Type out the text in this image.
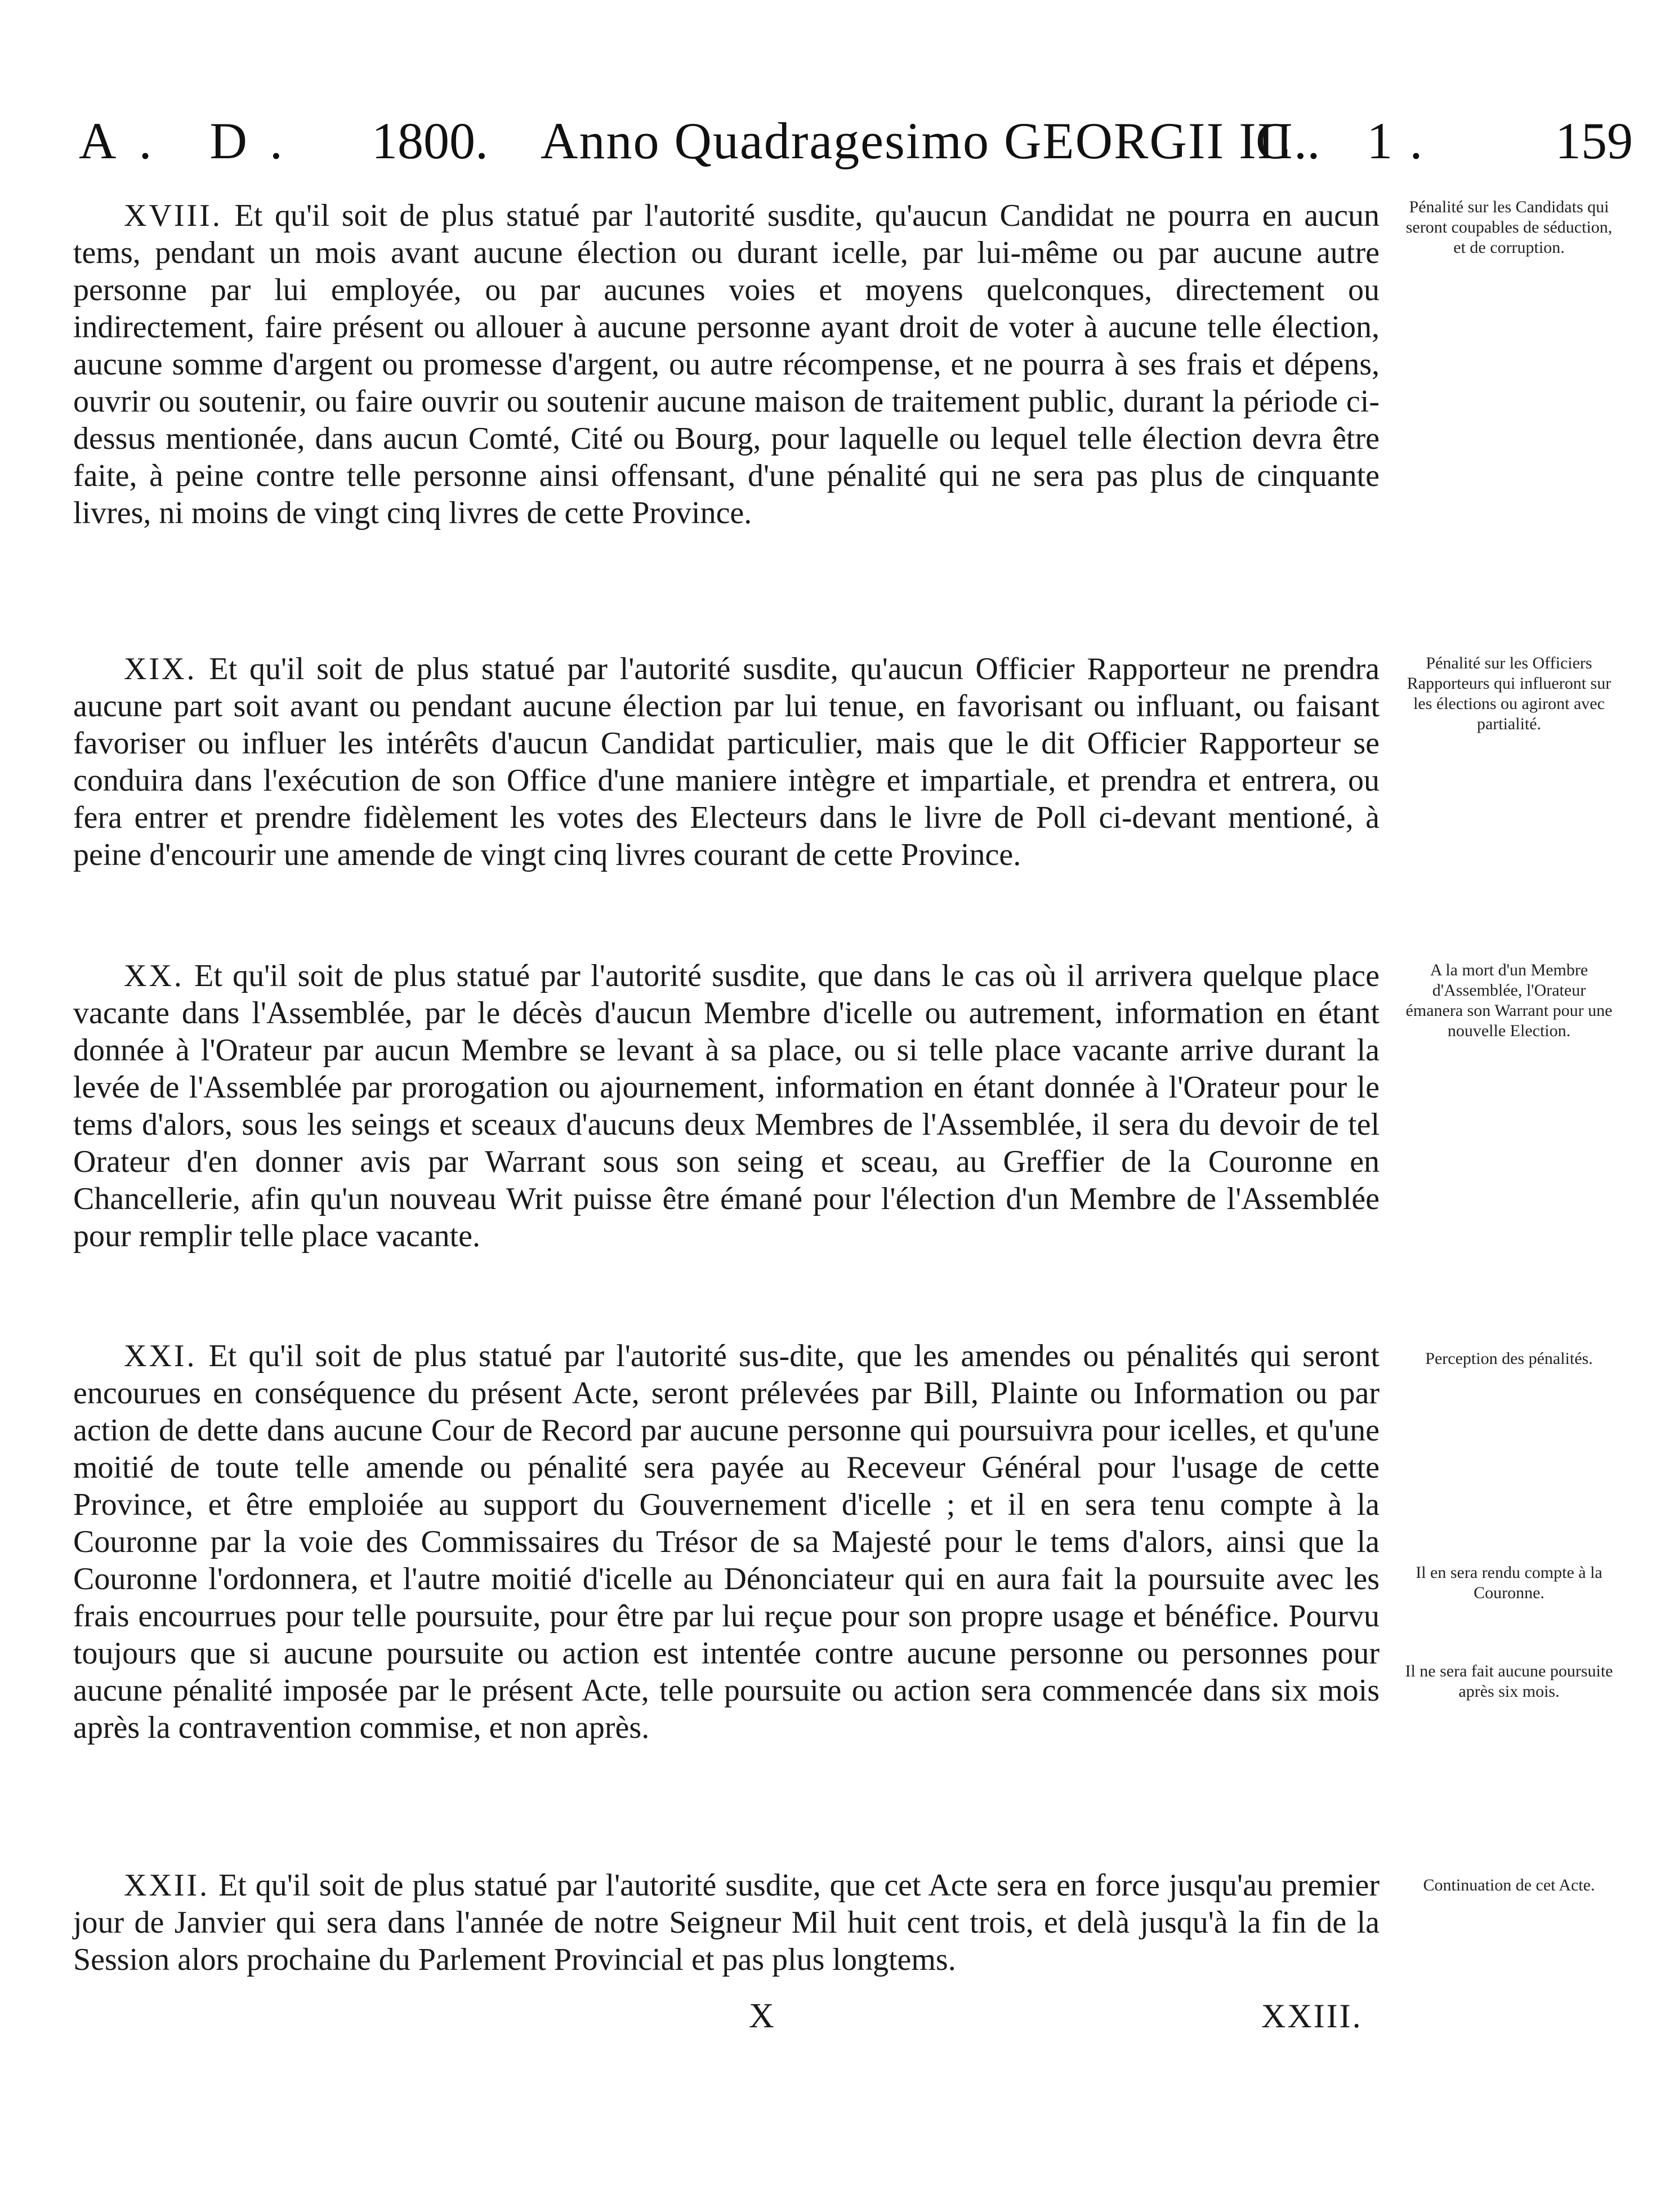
A. D. 1800. Anno Quadragesimo GEORGII III.
C. 1. 159
XVIII. Et qu'il soit de plus statué par l'autorité susdite, qu'aucun Candidat ne pourra en aucun tems, pendant un mois avant aucune élection ou durant icelle, par lui-même ou par aucune autre personne par lui employée, ou par aucunes voies et moyens quelconques, directement ou indirectement, faire présent ou allouer à aucune personne ayant droit de voter à aucune telle élection, aucune somme d'argent ou promesse d'argent, ou autre récompense, et ne pourra à ses frais et dépens, ouvrir ou soutenir, ou faire ouvrir ou soutenir aucune maison de traitement public, durant la période ci-dessus mentionée, dans aucun Comté, Cité ou Bourg, pour laquelle ou lequel telle élection devra être faite, à peine contre telle personne ainsi offensant, d'une pénalité qui ne sera pas plus de cinquante livres, ni moins de vingt cinq livres de cette Province.
Pénalité sur les Candidats qui seront coupables de séduction, et de corruption.
XIX. Et qu'il soit de plus statué par l'autorité susdite, qu'aucun Officier Rapporteur ne prendra aucune part soit avant ou pendant aucune élection par lui tenue, en favorisant ou influant, ou faisant favoriser ou influer les intérêts d'aucun Candidat particulier, mais que le dit Officier Rapporteur se conduira dans l'exécution de son Office d'une maniere intègre et impartiale, et prendra et entrera, ou fera entrer et prendre fidèlement les votes des Electeurs dans le livre de Poll ci-devant mentioné, à peine d'encourir une amende de vingt cinq livres courant de cette Province.
Pénalité sur les Officiers Rapporteurs qui influeront sur les élections ou agiront avec partialité.
XX. Et qu'il soit de plus statué par l'autorité susdite, que dans le cas où il arrivera quelque place vacante dans l'Assemblée, par le décès d'aucun Membre d'icelle ou autrement, information en étant donnée à l'Orateur par aucun Membre se levant à sa place, ou si telle place vacante arrive durant la levée de l'Assemblée par prorogation ou ajournement, information en étant donnée à l'Orateur pour le tems d'alors, sous les seings et sceaux d'aucuns deux Membres de l'Assemblée, il sera du devoir de tel Orateur d'en donner avis par Warrant sous son seing et sceau, au Greffier de la Couronne en Chancellerie, afin qu'un nouveau Writ puisse être émané pour l'élection d'un Membre de l'Assemblée pour remplir telle place vacante.
A la mort d'un Membre d'Assemblée, l'Orateur émanera son Warrant pour une nouvelle Election.
XXI. Et qu'il soit de plus statué par l'autorité sus-dite, que les amendes ou pénalités qui seront encourues en conséquence du présent Acte, seront prélevées par Bill, Plainte ou Information ou par action de dette dans aucune Cour de Record par aucune personne qui poursuivra pour icelles, et qu'une moitié de toute telle amende ou pénalité sera payée au Receveur Général pour l'usage de cette Province, et être emploiée au support du Gouvernement d'icelle ; et il en sera tenu compte à la Couronne par la voie des Commissaires du Trésor de sa Majesté pour le tems d'alors, ainsi que la Couronne l'ordonnera, et l'autre moitié d'icelle au Dénonciateur qui en aura fait la poursuite avec les frais encourrues pour telle poursuite, pour être par lui reçue pour son propre usage et bénéfice. Pourvu toujours que si aucune poursuite ou action est intentée contre aucune personne ou personnes pour aucune pénalité imposée par le présent Acte, telle poursuite ou action sera commencée dans six mois après la contravention commise, et non après.
Perception des pénalités.
Il en sera rendu compte à la Couronne.
Il ne sera fait aucune poursuite après six mois.
XXII. Et qu'il soit de plus statué par l'autorité susdite, que cet Acte sera en force jusqu'au premier jour de Janvier qui sera dans l'année de notre Seigneur Mil huit cent trois, et delà jusqu'à la fin de la Session alors prochaine du Parlement Provincial et pas plus longtems.
Continuation de cet Acte.
X	XXIII.
